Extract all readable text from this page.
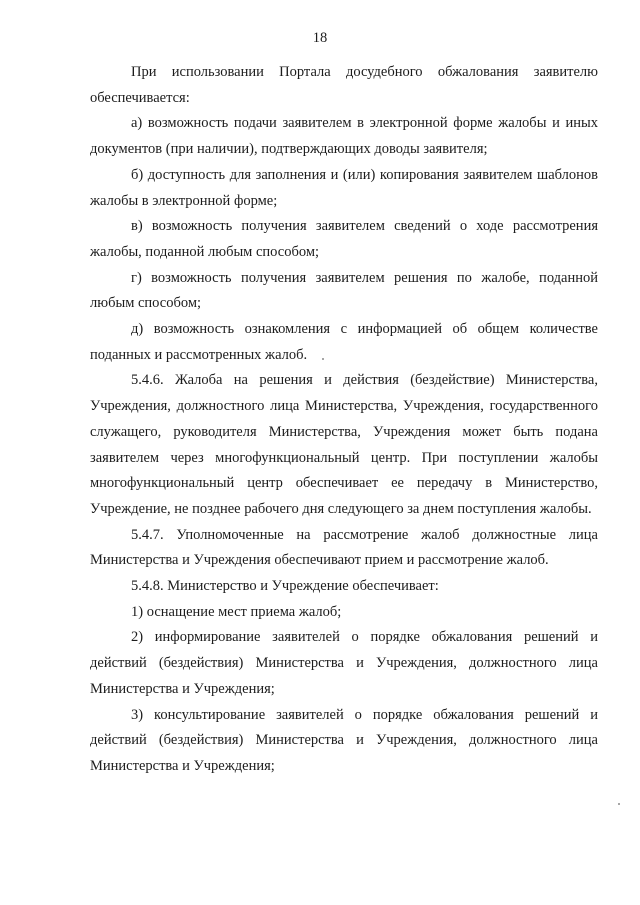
18

При использовании Портала досудебного обжалования заявителю обеспечивается:

а) возможность подачи заявителем в электронной форме жалобы и иных документов (при наличии), подтверждающих доводы заявителя;

б) доступность для заполнения и (или) копирования заявителем шаблонов жалобы в электронной форме;

в) возможность получения заявителем сведений о ходе рассмотрения жалобы, поданной любым способом;

г) возможность получения заявителем решения по жалобе, поданной любым способом;

д) возможность ознакомления с информацией об общем количестве поданных и рассмотренных жалоб.

5.4.6. Жалоба на решения и действия (бездействие) Министерства, Учреждения, должностного лица Министерства, Учреждения, государственного служащего, руководителя Министерства, Учреждения может быть подана заявителем через многофункциональный центр. При поступлении жалобы многофункциональный центр обеспечивает ее передачу в Министерство, Учреждение, не позднее рабочего дня следующего за днем поступления жалобы.

5.4.7. Уполномоченные на рассмотрение жалоб должностные лица Министерства и Учреждения обеспечивают прием и рассмотрение жалоб.

5.4.8. Министерство и Учреждение обеспечивает:

1) оснащение мест приема жалоб;

2) информирование заявителей о порядке обжалования решений и действий (бездействия) Министерства и Учреждения, должностного лица Министерства и Учреждения;

3) консультирование заявителей о порядке обжалования решений и действий (бездействия) Министерства и Учреждения, должностного лица Министерства и Учреждения;
